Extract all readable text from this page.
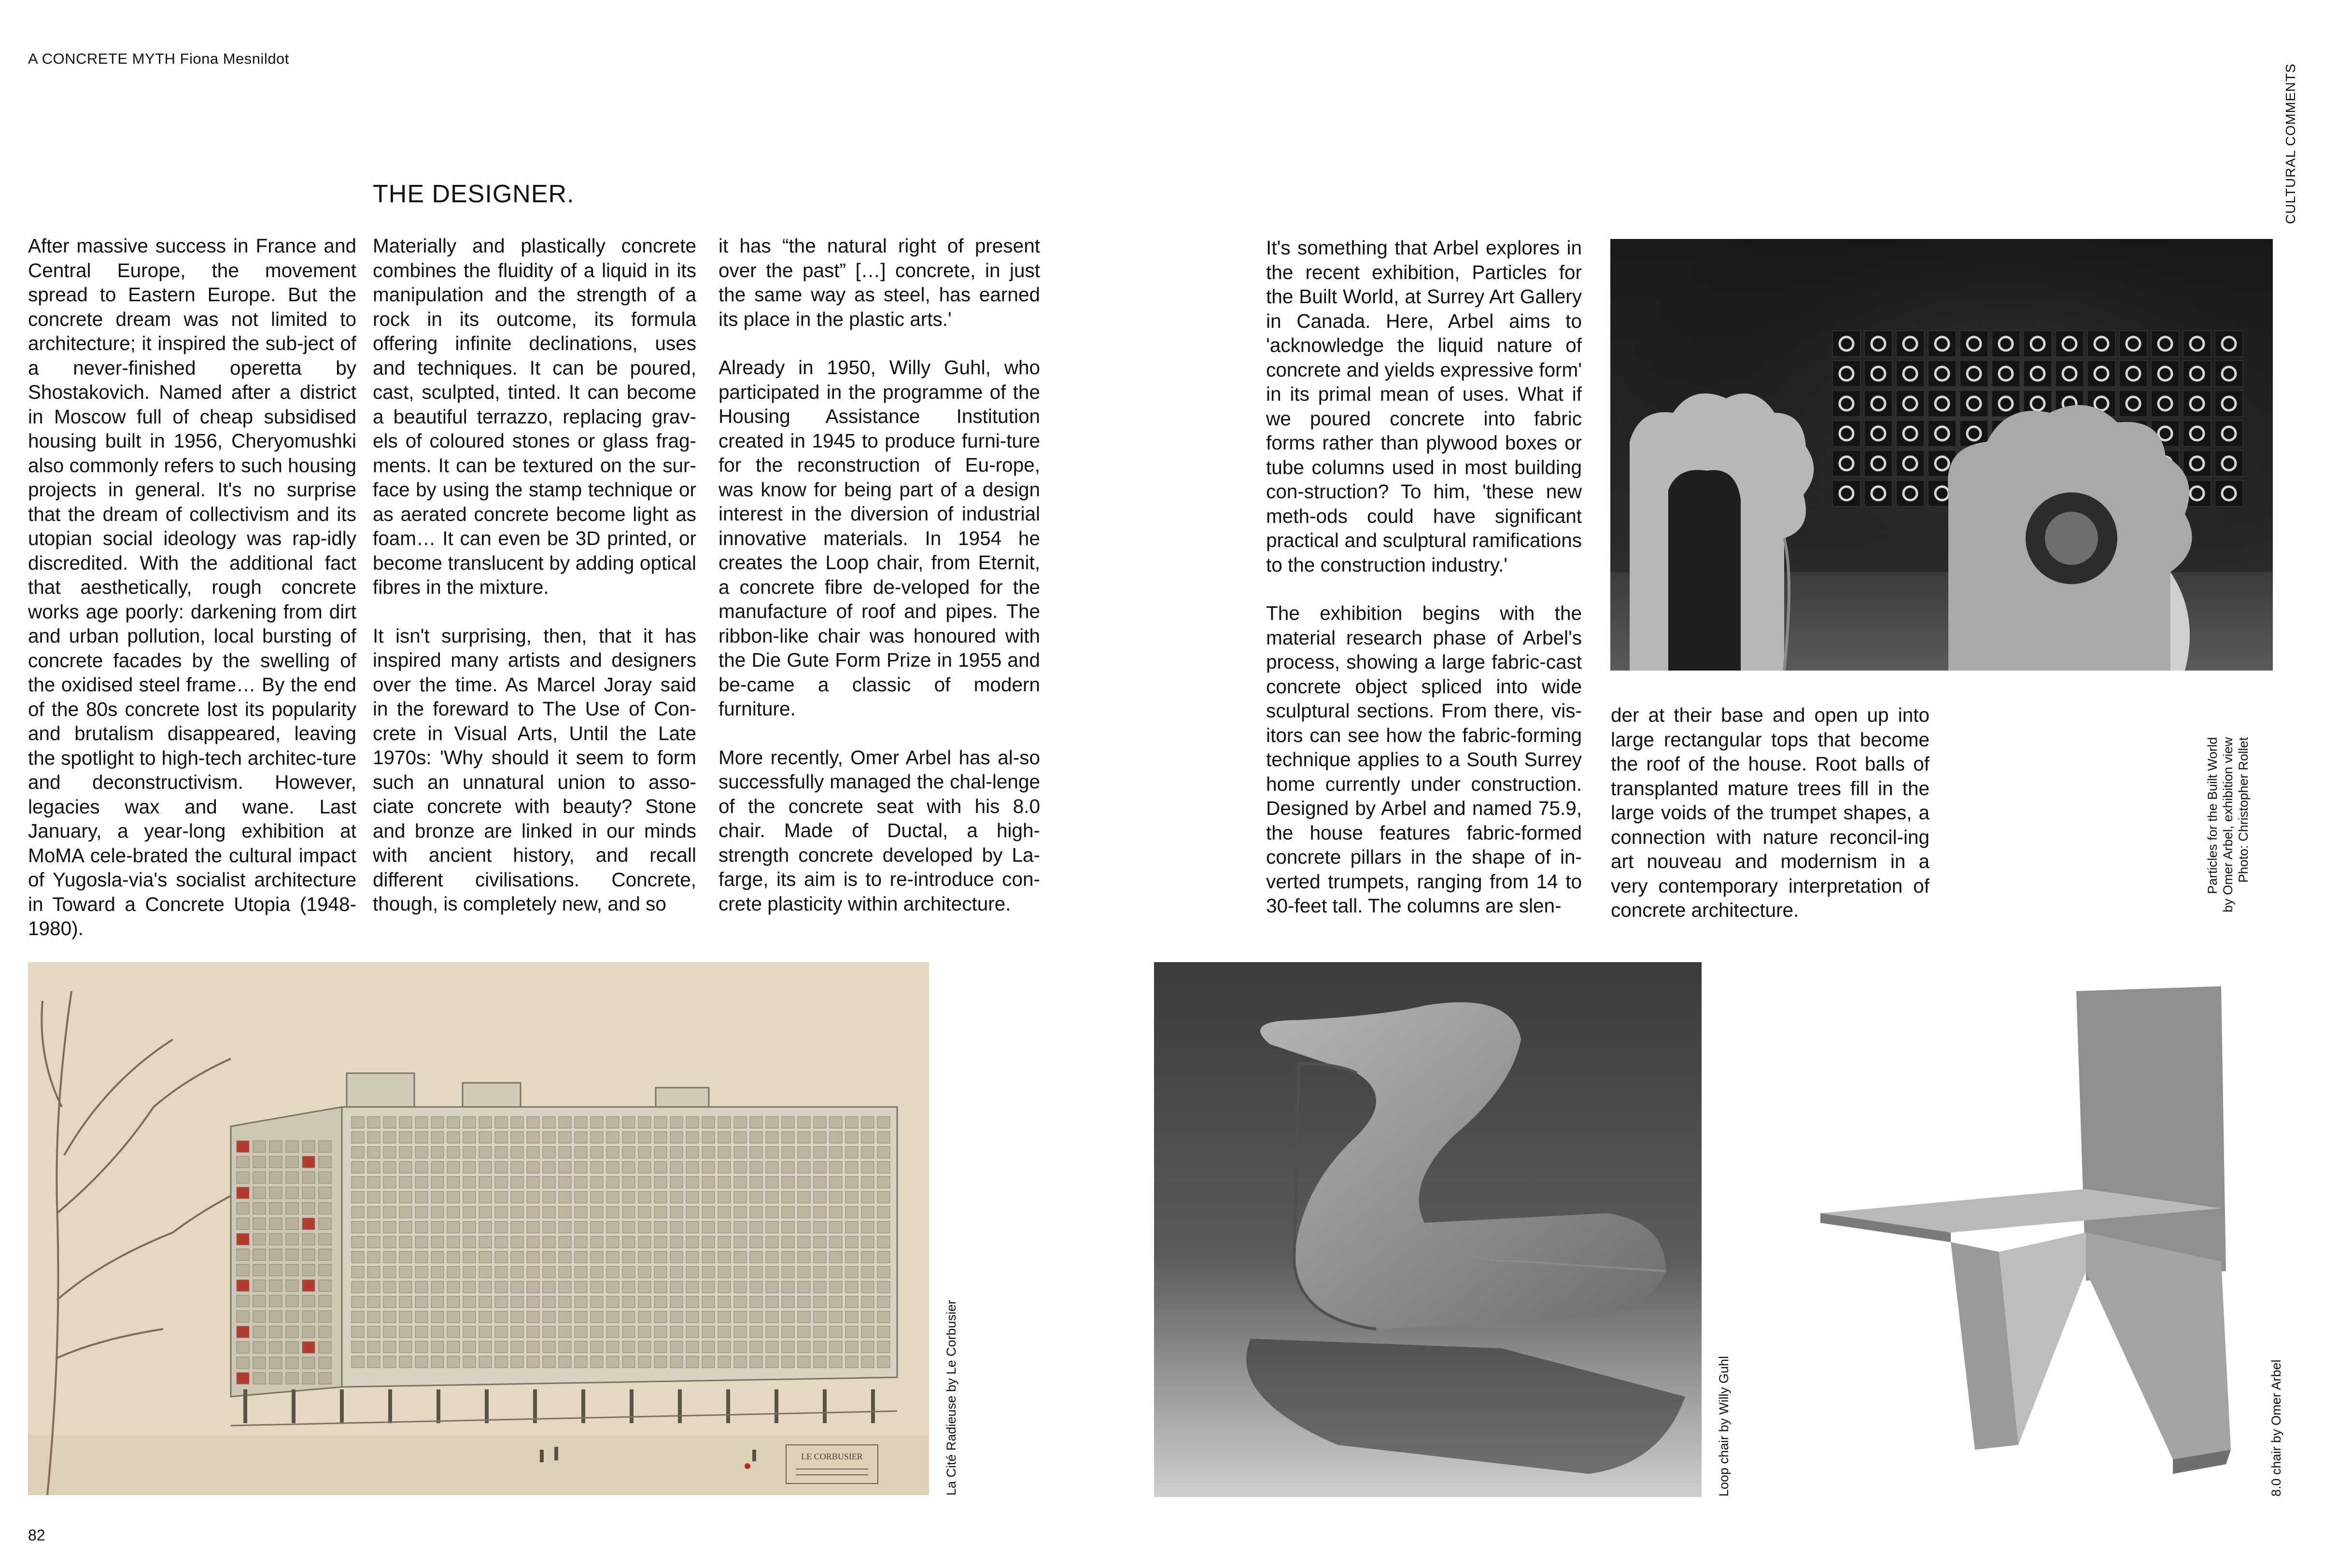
A CONCRETE MYTH Fiona Mesnildot
CULTURAL COMMENTS
THE DESIGNER.

After massive success in France and Central Europe, the movement spread to Eastern Europe. But the concrete dream was not limited to architecture; it inspired the sub-ject of a never-finished operetta by Shostakovich. Named after a district in Moscow full of cheap subsidised housing built in 1956, Cheryomushki also commonly refers to such housing projects in general. It's no surprise that the dream of collectivism and its utopian social ideology was rap-idly discredited. With the additional fact that aesthetically, rough concrete works age poorly: darkening from dirt and urban pollution, local bursting of concrete facades by the swelling of the oxidised steel frame… By the end of the 80s concrete lost its popularity and brutalism disappeared, leaving the spotlight to high-tech architec-ture and deconstructivism. However, legacies wax and wane. Last January, a year-long exhibition at MoMA cele-brated the cultural impact of Yugosla-via's socialist architecture in Toward a Concrete Utopia (1948-1980).

Materially and plastically concrete combines the fluidity of a liquid in its manipulation and the strength of a rock in its outcome, its formula offering infinite declinations, uses and techniques. It can be poured, cast, sculpted, tinted. It can become a beautiful terrazzo, replacing grav-els of coloured stones or glass frag-ments. It can be textured on the sur-face by using the stamp technique or as aerated concrete become light as foam… It can even be 3D printed, or become translucent by adding optical fibres in the mixture.

It isn't surprising, then, that it has inspired many artists and designers over the time. As Marcel Joray said in the foreward to The Use of Con-crete in Visual Arts, Until the Late 1970s: 'Why should it seem to form such an unnatural union to asso-ciate concrete with beauty? Stone and bronze are linked in our minds with ancient history, and recall different civilisations. Concrete, though, is completely new, and so

it has “the natural right of present over the past” […] concrete, in just the same way as steel, has earned its place in the plastic arts.'

Already in 1950, Willy Guhl, who participated in the programme of the Housing Assistance Institution created in 1945 to produce furni-ture for the reconstruction of Eu-rope, was know for being part of a design interest in the diversion of industrial innovative materials. In 1954 he creates the Loop chair, from Eternit, a concrete fibre de-veloped for the manufacture of roof and pipes. The ribbon-like chair was honoured with the Die Gute Form Prize in 1955 and be-came a classic of modern furniture.

More recently, Omer Arbel has al-so successfully managed the chal-lenge of the concrete seat with his 8.0 chair. Made of Ductal, a high-strength concrete developed by La-farge, its aim is to re-introduce con-crete plasticity within architecture.

It's something that Arbel explores in the recent exhibition, Particles for the Built World, at Surrey Art Gallery in Canada. Here, Arbel aims to 'acknowledge the liquid nature of concrete and yields expressive form' in its primal mean of uses. What if we poured concrete into fabric forms rather than plywood boxes or tube columns used in most building con-struction? To him, 'these new meth-ods could have significant practical and sculptural ramifications to the construction industry.'

The exhibition begins with the material research phase of Arbel's process, showing a large fabric-cast concrete object spliced into wide sculptural sections. From there, vis-itors can see how the fabric-forming technique applies to a South Surrey home currently under construction. Designed by Arbel and named 75.9, the house features fabric-formed concrete pillars in the shape of in-verted trumpets, ranging from 14 to 30-feet tall. The columns are slen-

der at their base and open up into large rectangular tops that become the roof of the house. Root balls of transplanted mature trees fill in the large voids of the trumpet shapes, a connection with nature reconcil-ing art nouveau and modernism in a very contemporary interpretation of concrete architecture.

Particles for the Built World by Omer Arbel, exhibition view Photo: Christopher Rollet
LE CORBUSIER	La Cité Radieuse by Le Corbusier	Loop chair by Willy Guhl	8.0 chair by Omer Arbel
82
